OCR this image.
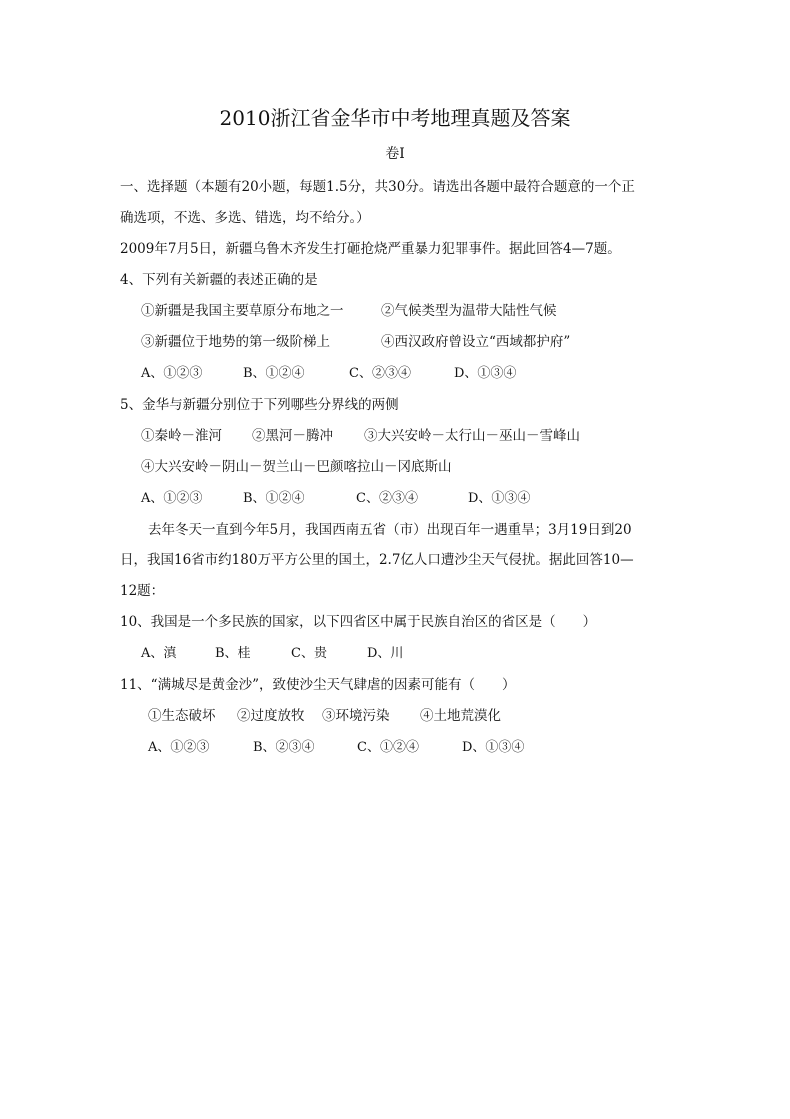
2010浙江省金华市中考地理真题及答案
卷Ⅰ
一、选择题（本题有20小题，每题1.5分，共30分。请选出各题中最符合题意的一个正
确选项，不选、多选、错选，均不给分。）
2009年7月5日，新疆乌鲁木齐发生打砸抢烧严重暴力犯罪事件。据此回答4—7题。
4、下列有关新疆的表述正确的是
①新疆是我国主要草原分布地之一	②气候类型为温带大陆性气候
③新疆位于地势的第一级阶梯上	④西汉政府曾设立“西域都护府”
A、①②③	B、①②④	C、②③④	D、①③④
5、金华与新疆分别位于下列哪些分界线的两侧
①秦岭－淮河 ②黑河－腾冲 ③大兴安岭－太行山－巫山－雪峰山
④大兴安岭－阴山－贺兰山－巴颜喀拉山－冈底斯山
A、①②③	B、①②④	C、②③④	D、①③④
去年冬天一直到今年5月，我国西南五省（市）出现百年一遇重旱；3月19日到20
日，我国16省市约180万平方公里的国土，2.7亿人口遭沙尘天气侵扰。据此回答10—
12题：
10、我国是一个多民族的国家，以下四省区中属于民族自治区的省区是（　　）
A、滇	B、桂	C、贵	D、川
11、“满城尽是黄金沙”，致使沙尘天气肆虐的因素可能有（　　）
①生态破坏 ②过度放牧 ③环境污染 ④土地荒漠化
A、①②③	B、②③④	C、①②④	D、①③④
